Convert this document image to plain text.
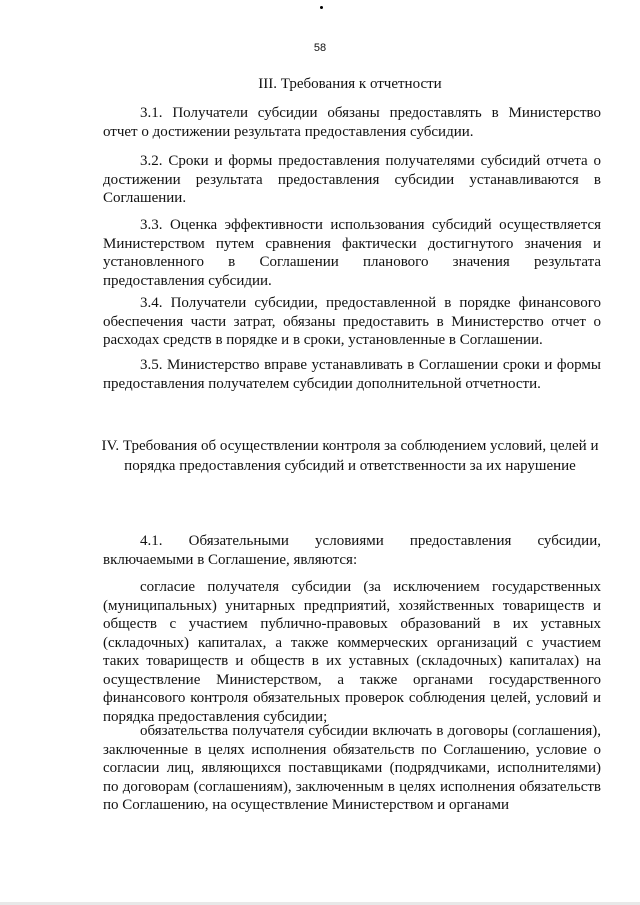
58
III. Требования к отчетности
3.1. Получатели субсидии обязаны предоставлять в Министерство отчет о достижении результата предоставления субсидии.
3.2. Сроки и формы предоставления получателями субсидий отчета о достижении результата предоставления субсидии устанавливаются в Соглашении.
3.3. Оценка эффективности использования субсидий осуществляется Министерством путем сравнения фактически достигнутого значения и установленного в Соглашении планового значения результата предоставления субсидии.
3.4. Получатели субсидии, предоставленной в порядке финансового обеспечения части затрат, обязаны предоставить в Министерство отчет о расходах средств в порядке и в сроки, установленные в Соглашении.
3.5. Министерство вправе устанавливать в Соглашении сроки и формы предоставления получателем субсидии дополнительной отчетности.
IV. Требования об осуществлении контроля за соблюдением условий, целей и порядка предоставления субсидий и ответственности за их нарушение
4.1. Обязательными условиями предоставления субсидии, включаемыми в Соглашение, являются:
согласие получателя субсидии (за исключением государственных (муниципальных) унитарных предприятий, хозяйственных товариществ и обществ с участием публично-правовых образований в их уставных (складочных) капиталах, а также коммерческих организаций с участием таких товариществ и обществ в их уставных (складочных) капиталах) на осуществление Министерством, а также органами государственного финансового контроля обязательных проверок соблюдения целей, условий и порядка предоставления субсидии;
обязательства получателя субсидии включать в договоры (соглашения), заключенные в целях исполнения обязательств по Соглашению, условие о согласии лиц, являющихся поставщиками (подрядчиками, исполнителями) по договорам (соглашениям), заключенным в целях исполнения обязательств по Соглашению, на осуществление Министерством и органами
